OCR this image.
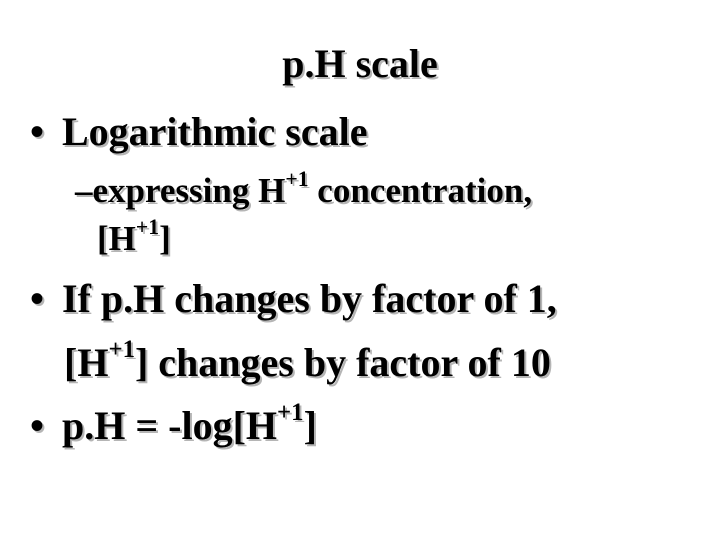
p.H scale
• Logarithmic scale
–expressing $H^{+1}$ concentration,
$[H^{+1}]$
• If p.H changes by factor of 1,
$[H^{+1}]$ changes by factor of 10
• $p.H = -\log[H^{+1}]$
